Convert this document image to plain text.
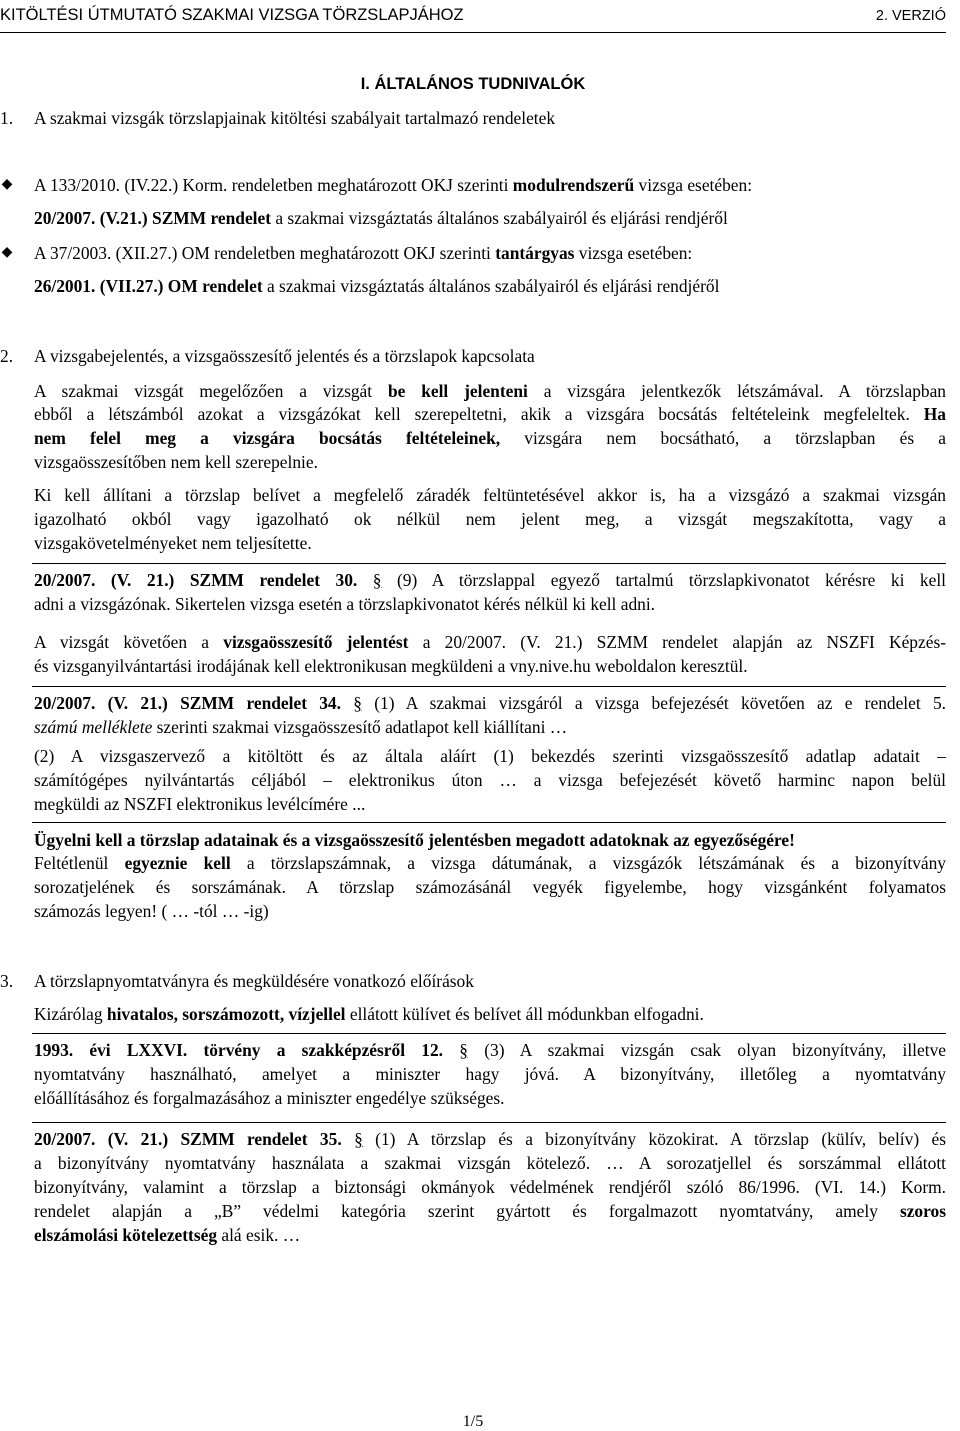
KITÖLTÉSI ÚTMUTATÓ SZAKMAI VIZSGA TÖRZSLAPJÁHOZ	2. VERZIÓ
I. ÁLTALÁNOS TUDNIVALÓK
1. A szakmai vizsgák törzslapjainak kitöltési szabályait tartalmazó rendeletek
◆ A 133/2010. (IV.22.) Korm. rendeletben meghatározott OKJ szerinti modulrendszerű vizsga esetében:
20/2007. (V.21.) SZMM rendelet a szakmai vizsgáztatás általános szabályairól és eljárási rendjéről
◆ A 37/2003. (XII.27.) OM rendeletben meghatározott OKJ szerinti tantárgyas vizsga esetében:
26/2001. (VII.27.) OM rendelet a szakmai vizsgáztatás általános szabályairól és eljárási rendjéről
2. A vizsgabejelentés, a vizsgaösszesítő jelentés és a törzslapok kapcsolata
A szakmai vizsgát megelőzően a vizsgát be kell jelenteni a vizsgára jelentkezők létszámával. A törzslapban
ebből a létszámból azokat a vizsgázókat kell szerepeltetni, akik a vizsgára bocsátás feltételeink megfeleltek. Ha
nem felel meg a vizsgára bocsátás feltételeinek, vizsgára nem bocsátható, a törzslapban és a
vizsgaösszesítőben nem kell szerepelnie.
Ki kell állítani a törzslap belívet a megfelelő záradék feltüntetésével akkor is, ha a vizsgázó a szakmai vizsgán
igazolható okból vagy igazolható ok nélkül nem jelent meg, a vizsgát megszakította, vagy a
vizsgakövetelményeket nem teljesítette.
20/2007. (V. 21.) SZMM rendelet 30. § (9) A törzslappal egyező tartalmú törzslapkivonatot kérésre ki kell
adni a vizsgázónak. Sikertelen vizsga esetén a törzslapkivonatot kérés nélkül ki kell adni.
A vizsgát követően a vizsgaösszesítő jelentést a 20/2007. (V. 21.) SZMM rendelet alapján az NSZFI Képzés-
és vizsganyilvántartási irodájának kell elektronikusan megküldeni a vny.nive.hu weboldalon keresztül.
20/2007. (V. 21.) SZMM rendelet 34. § (1) A szakmai vizsgáról a vizsga befejezését követően az e rendelet 5.
számú melléklete szerinti szakmai vizsgaösszesítő adatlapot kell kiállítani …
(2) A vizsgaszervező a kitöltött és az általa aláírt (1) bekezdés szerinti vizsgaösszesítő adatlap adatait –
számítógépes nyilvántartás céljából – elektronikus úton … a vizsga befejezését követő harminc napon belül
megküldi az NSZFI elektronikus levélcímére ...
Ügyelni kell a törzslap adatainak és a vizsgaösszesítő jelentésben megadott adatoknak az egyezőségére!
Feltétlenül egyeznie kell a törzslapszámnak, a vizsga dátumának, a vizsgázók létszámának és a bizonyítvány
sorozatjelének és sorszámának. A törzslap számozásánál vegyék figyelembe, hogy vizsgánként folyamatos
számozás legyen! ( … -tól … -ig)
3. A törzslapnyomtatványra és megküldésére vonatkozó előírások
Kizárólag hivatalos, sorszámozott, vízjellel ellátott külívet és belívet áll módunkban elfogadni.
1993. évi LXXVI. törvény a szakképzésről 12. § (3) A szakmai vizsgán csak olyan bizonyítvány, illetve
nyomtatvány használható, amelyet a miniszter hagy jóvá. A bizonyítvány, illetőleg a nyomtatvány
előállításához és forgalmazásához a miniszter engedélye szükséges.
20/2007. (V. 21.) SZMM rendelet 35. § (1) A törzslap és a bizonyítvány közokirat. A törzslap (külív, belív) és
a bizonyítvány nyomtatvány használata a szakmai vizsgán kötelező. … A sorozatjellel és sorszámmal ellátott
bizonyítvány, valamint a törzslap a biztonsági okmányok védelmének rendjéről szóló 86/1996. (VI. 14.) Korm.
rendelet alapján a „B” védelmi kategória szerint gyártott és forgalmazott nyomtatvány, amely szoros
elszámolási kötelezettség alá esik. …
1/5
